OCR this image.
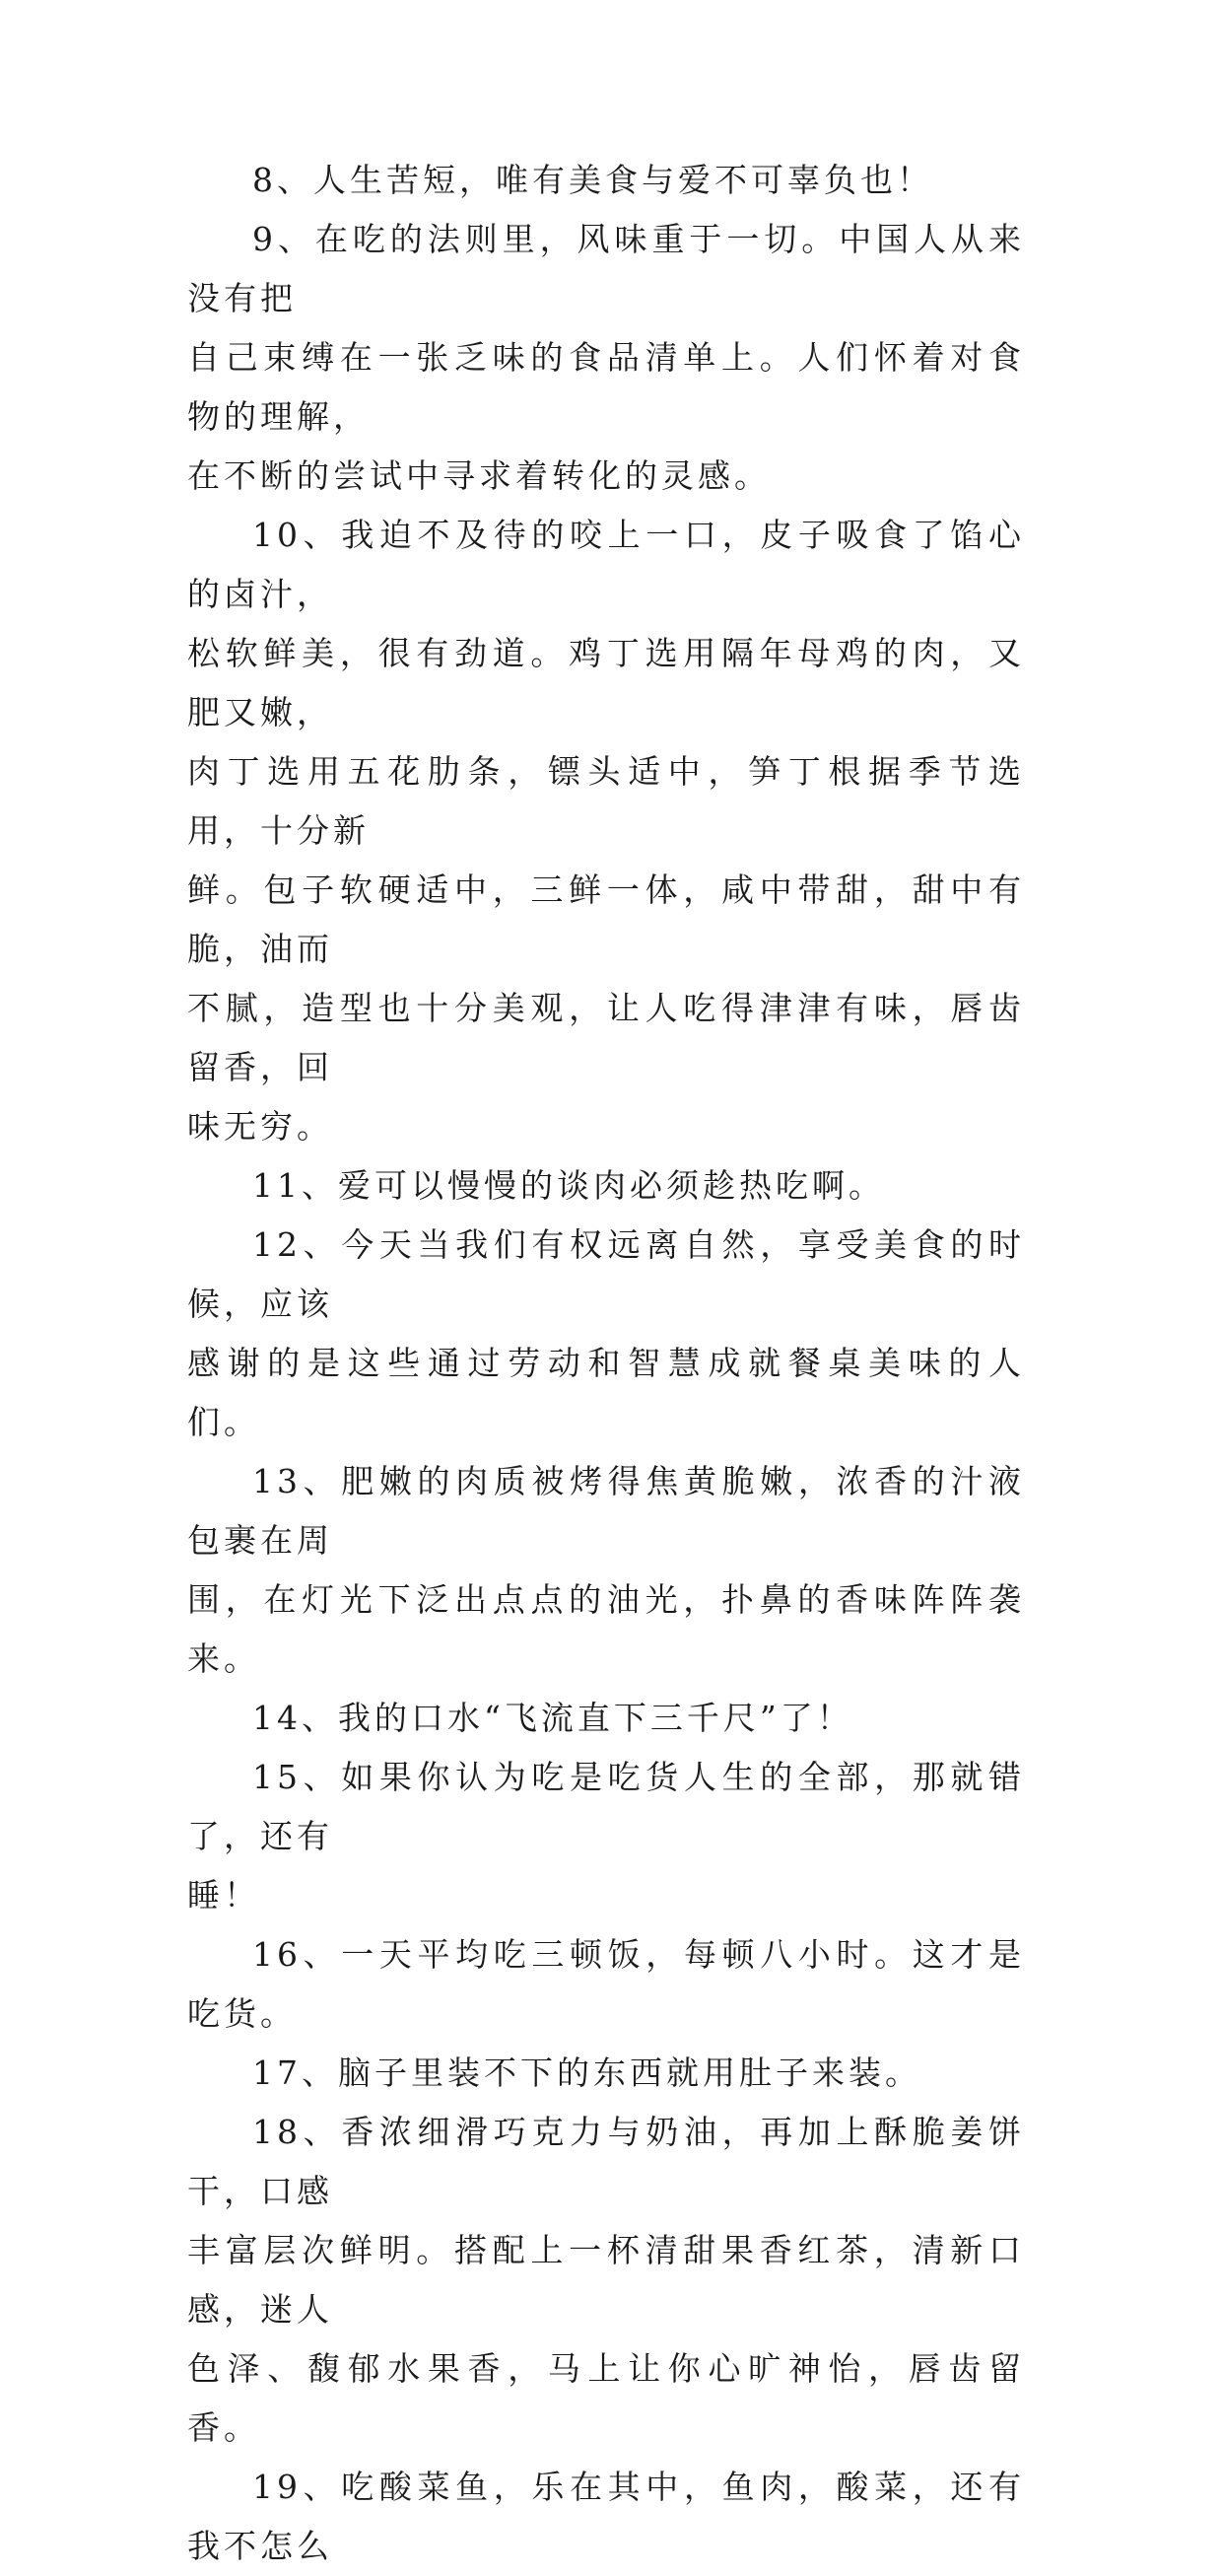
8、人生苦短，唯有美食与爱不可辜负也！

9、在吃的法则里，风味重于一切。中国人从来没有把
自己束缚在一张乏味的食品清单上。人们怀着对食物的理解，
在不断的尝试中寻求着转化的灵感。

10、我迫不及待的咬上一口，皮子吸食了馅心的卤汁，
松软鲜美，很有劲道。鸡丁选用隔年母鸡的肉，又肥又嫩，
肉丁选用五花肋条，镖头适中，笋丁根据季节选用，十分新
鲜。包子软硬适中，三鲜一体，咸中带甜，甜中有脆，油而
不腻，造型也十分美观，让人吃得津津有味，唇齿留香，回
味无穷。

11、爱可以慢慢的谈肉必须趁热吃啊。

12、今天当我们有权远离自然，享受美食的时候，应该
感谢的是这些通过劳动和智慧成就餐桌美味的人们。

13、肥嫩的肉质被烤得焦黄脆嫩，浓香的汁液包裹在周
围，在灯光下泛出点点的油光，扑鼻的香味阵阵袭来。

14、我的口水“飞流直下三千尺”了！

15、如果你认为吃是吃货人生的全部，那就错了，还有
睡！

16、一天平均吃三顿饭，每顿八小时。这才是吃货。

17、脑子里装不下的东西就用肚子来装。

18、香浓细滑巧克力与奶油，再加上酥脆姜饼干，口感
丰富层次鲜明。搭配上一杯清甜果香红茶，清新口感，迷人
色泽、馥郁水果香，马上让你心旷神怡，唇齿留香。

19、吃酸菜鱼，乐在其中，鱼肉，酸菜，还有我不怎么
